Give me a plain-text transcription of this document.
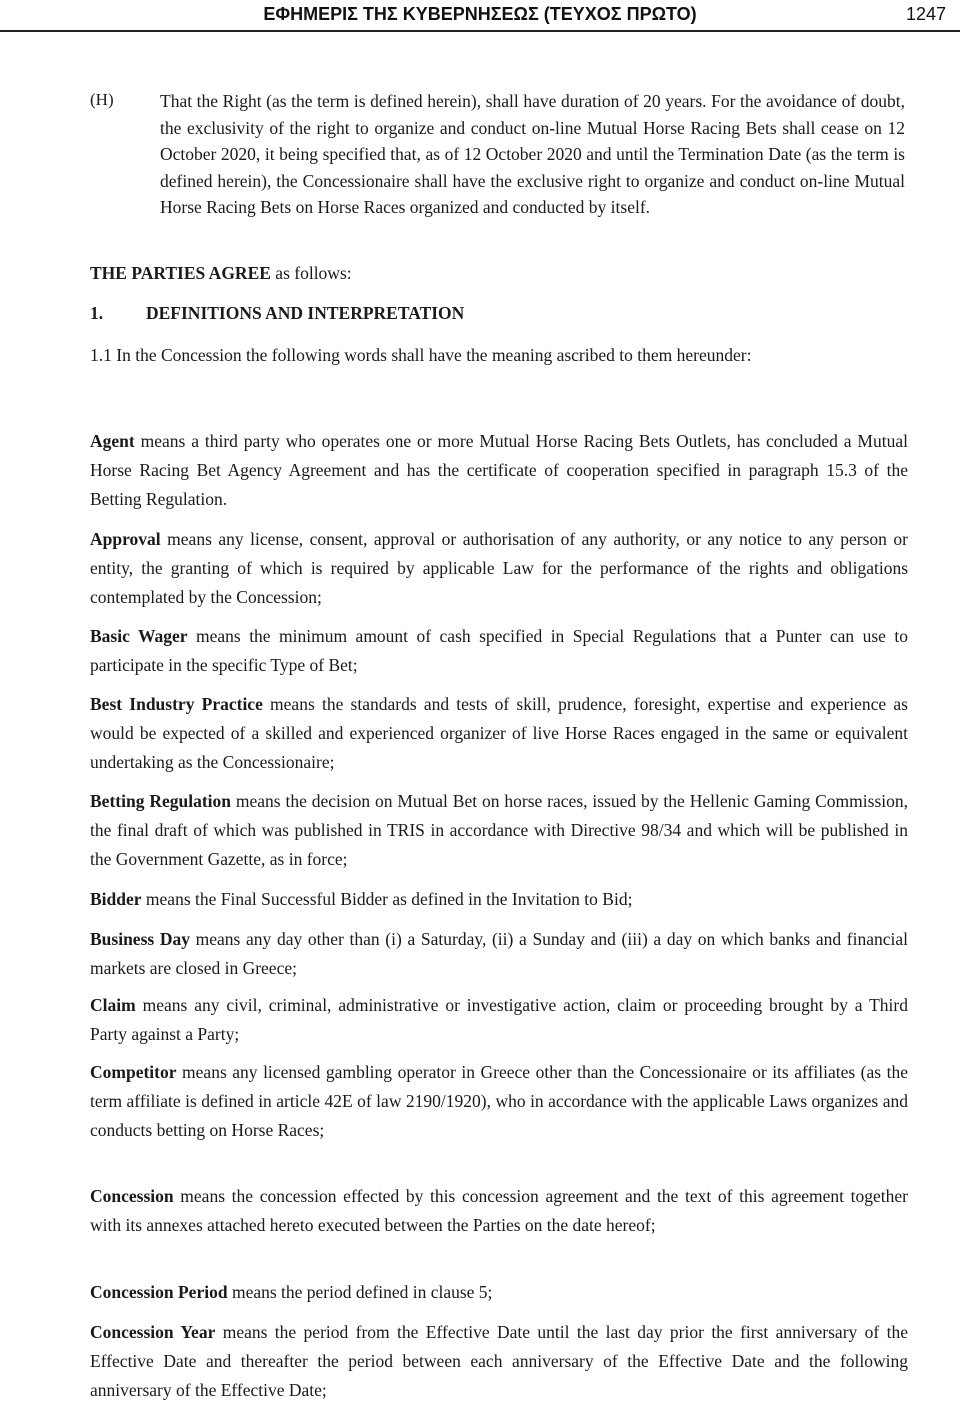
ΕΦΗΜΕΡΙΣ ΤΗΣ ΚΥΒΕΡΝΗΣΕΩΣ (ΤΕΥΧΟΣ ΠΡΩΤΟ)	1247
(H)	That the Right (as the term is defined herein), shall have duration of 20 years. For the avoidance of doubt, the exclusivity of the right to organize and conduct on-line Mutual Horse Racing Bets shall cease on 12 October 2020, it being specified that, as of 12 October 2020 and until the Termination Date (as the term is defined herein), the Concessionaire shall have the exclusive right to organize and conduct on-line Mutual Horse Racing Bets on Horse Races organized and conducted by itself.
THE PARTIES AGREE as follows:
1. DEFINITIONS AND INTERPRETATION
1.1 In the Concession the following words shall have the meaning ascribed to them hereunder:
Agent means a third party who operates one or more Mutual Horse Racing Bets Outlets, has concluded a Mutual Horse Racing Bet Agency Agreement and has the certificate of cooperation specified in paragraph 15.3 of the Betting Regulation.
Approval means any license, consent, approval or authorisation of any authority, or any notice to any person or entity, the granting of which is required by applicable Law for the performance of the rights and obligations contemplated by the Concession;
Basic Wager means the minimum amount of cash specified in Special Regulations that a Punter can use to participate in the specific Type of Bet;
Best Industry Practice means the standards and tests of skill, prudence, foresight, expertise and experience as would be expected of a skilled and experienced organizer of live Horse Races engaged in the same or equivalent undertaking as the Concessionaire;
Betting Regulation means the decision on Mutual Bet on horse races, issued by the Hellenic Gaming Commission, the final draft of which was published in TRIS in accordance with Directive 98/34 and which will be published in the Government Gazette, as in force;
Bidder means the Final Successful Bidder as defined in the Invitation to Bid;
Business Day means any day other than (i) a Saturday, (ii) a Sunday and (iii) a day on which banks and financial markets are closed in Greece;
Claim means any civil, criminal, administrative or investigative action, claim or proceeding brought by a Third Party against a Party;
Competitor means any licensed gambling operator in Greece other than the Concessionaire or its affiliates (as the term affiliate is defined in article 42E of law 2190/1920), who in accordance with the applicable Laws organizes and conducts betting on Horse Races;
Concession means the concession effected by this concession agreement and the text of this agreement together with its annexes attached hereto executed between the Parties on the date hereof;
Concession Period means the period defined in clause 5;
Concession Year means the period from the Effective Date until the last day prior the first anniversary of the Effective Date and thereafter the period between each anniversary of the Effective Date and the following anniversary of the Effective Date;
